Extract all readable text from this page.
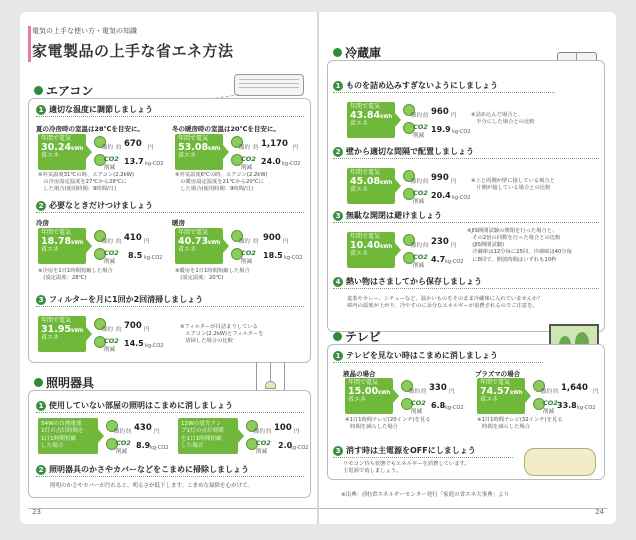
電気の上手な使い方・電気の知識
家電製品の上手な省エネ方法
エアコン
1 適切な温度に調節しましょう
夏の冷房時の室温は28℃を目安に。
年間で電気
30.24kWh
省エネ
節約 約 670 円
CO2
削減
13.7 kg-CO2
※外気温度31℃の時、エアコン(2.2kW)
　の冷房設定温度を27℃から28℃に
　した場合(使用時間：9時間/日)
冬の暖房時の室温は20℃を目安に。
年間で電気
53.08kWh
省エネ
節約 約 1,170 円
CO2
削減
24.0 kg-CO2
※外気温度6℃の時、エアコン(2.2kW)
　の暖房設定温度を21℃から20℃に
　した場合(使用時間：9時間/日)
2 必要なときだけつけましょう
冷房
年間で電気
18.78kWh
省エネ
節約 約 410 円
CO2
削減
8.5 kg-CO2
※冷房を1日1時間短縮した場合
　(設定温度：28℃)
暖房
年間で電気
40.73kWh
省エネ
節約 約 900 円
CO2
削減
18.5 kg-CO2
※暖房を1日1時間短縮した場合
　(設定温度：20℃)
3 フィルターを月に1回か2回清掃しましょう
年間で電気
31.95kWh
省エネ
節約 約 700 円
CO2
削減
14.5 kg-CO2
※フィルターが目詰まりしている
　エアコン(2.2kW)とフィルターを
　清掃した場合の比較
照明器具
1 使用していない部屋の照明はこまめに消しましょう
54Wの白熱電球
1灯の点灯時間を
1日1時間短縮
した場合
節約 約 430 円
CO2
削減
8.9 kg-CO2
12Wの蛍光ラン
プ1灯の点灯時間
を1日1時間短縮
した場合
節約 約 100 円
CO2
削減
2.0
kg-CO2
2 照明器具のかさやカバーなどをこまめに掃除しましょう
照明のかさやカバーが汚れると、明るさが低下します。こまめな掃除を心がけて。
23
冷蔵庫
1 ものを詰め込みすぎないようにしましょう
年間で電気
43.84kWh
省エネ
節約 約 960 円
CO2
削減
19.9 kg-CO2
※詰め込んだ場合と、
　半分にした場合との比較
2 壁から適切な間隔で配置しましょう
年間で電気
45.08kWh
省エネ
節約 約 990 円
CO2
削減
20.4 kg-CO2
※上と両側が壁に接している場合と
　片側が接している場合との比較
3 無駄な開閉は避けましょう
年間で電気
10.40kWh
省エネ
節約 約 230 円
CO2
削減
4.7 kg-CO2
※JIS開閉試験の開閉を行った場合と、
　その2倍の回数を行った場合との比較
　(JIS開閉試験)
　冷蔵庫は12分毎に25回、冷凍庫は40分毎
　に8回で、開放時間はいずれも10秒
4 熱い物はさましてから保存しましょう
麦茶やカレー、シチューなど、温かいものをそのまま冷蔵庫に入れていませんか？
庫内の温度が上がり、冷やすのに余分なエネルギーが消費されるのでご注意を。
テレビ
1 テレビを見ない時はこまめに消しましょう
液晶の場合
年間で電気
15.00kWh
省エネ
節約 約 330 円
CO2
削減
6.8 kg-CO2
※1日1時間テレビ(20インチ)を見る
　時間を減らした場合
プラズマの場合
年間で電気
74.57kWh
省エネ
節約 約 1,640 円
CO2
削減
33.8 kg-CO2
※1日1時間テレビ(32インチ)を見る
　時間を減らした場合
3 消す時は主電源をOFFにしましょう
リモコン待ち状態でもエネルギーを消費しています。
主電源で消しましょう。
※出典：(財)省エネルギーセンター発行「家庭の省エネ大事典」より
24
